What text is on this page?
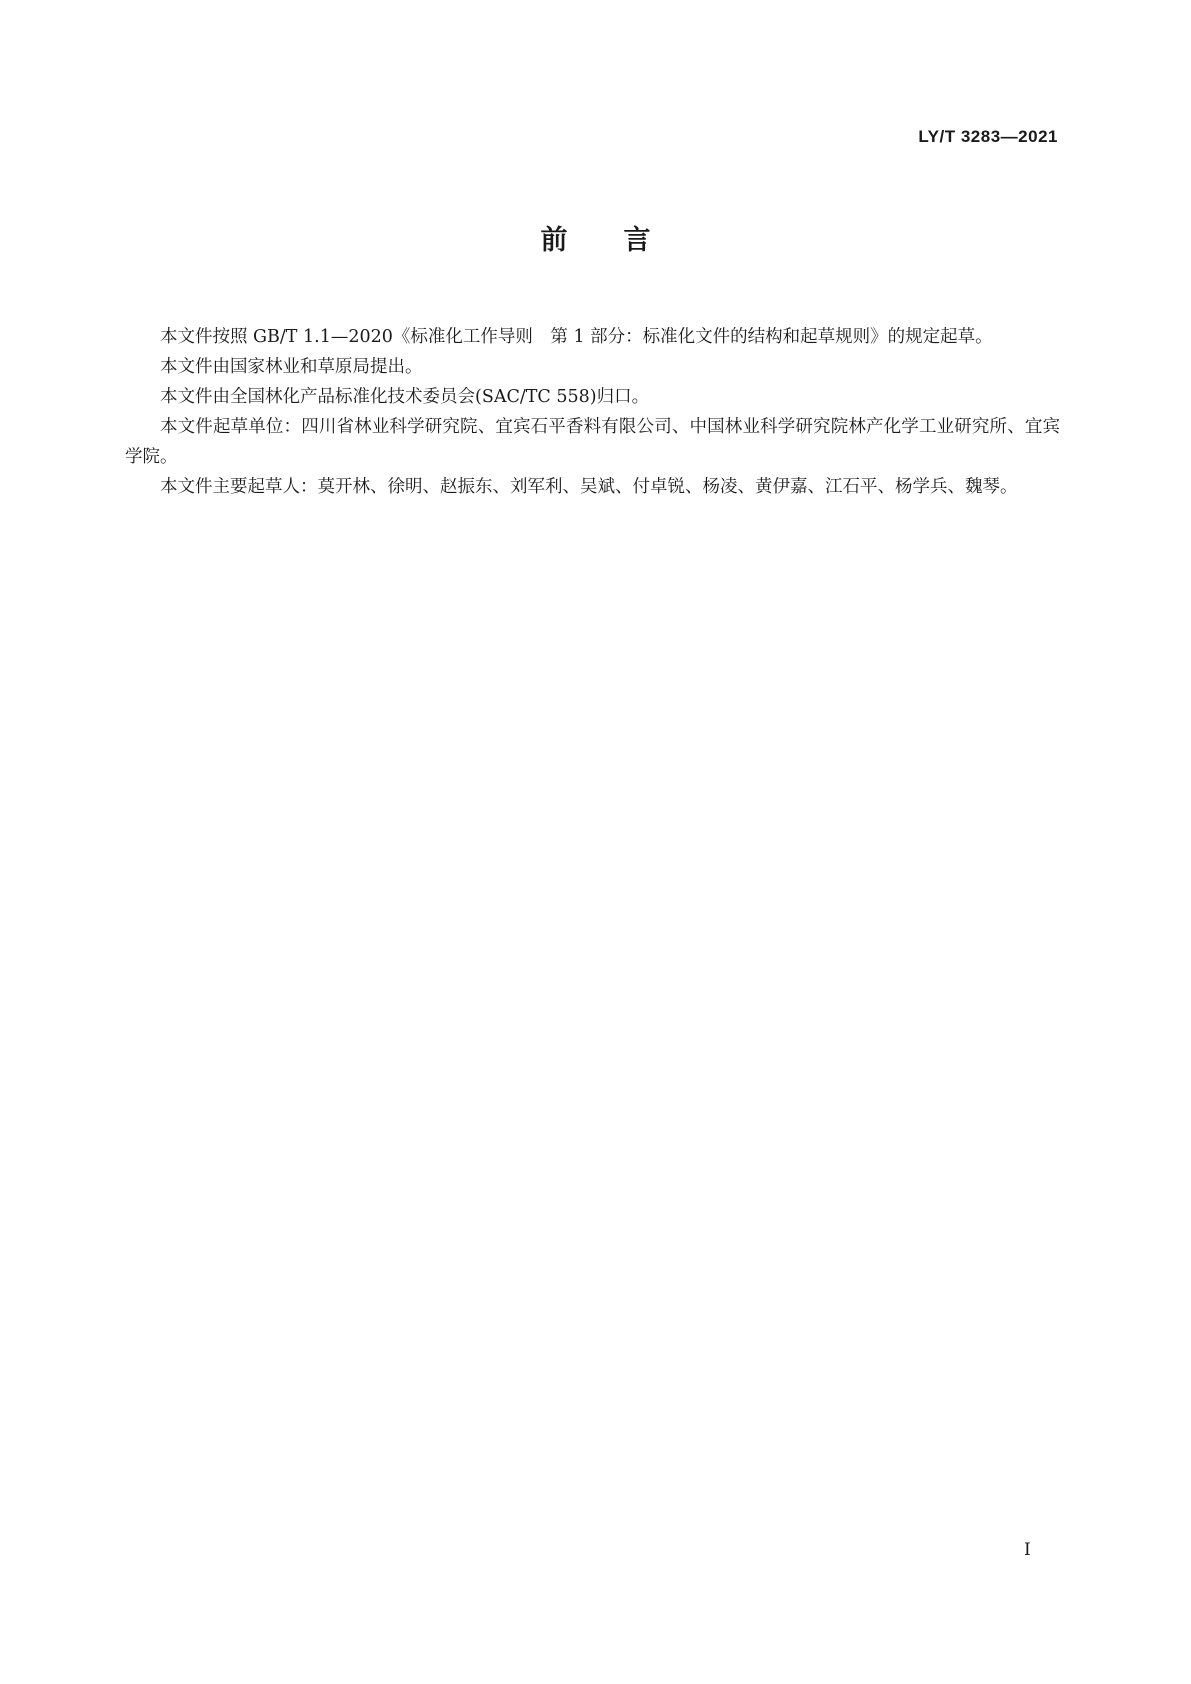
LY/T 3283—2021
前言

本文件按照 GB/T 1.1—2020《标准化工作导则　第 1 部分：标准化文件的结构和起草规则》的规定起草。

本文件由国家林业和草原局提出。

本文件由全国林化产品标准化技术委员会(SAC/TC 558)归口。

本文件起草单位：四川省林业科学研究院、宜宾石平香料有限公司、中国林业科学研究院林产化学工业研究所、宜宾学院。

本文件主要起草人：莫开林、徐明、赵振东、刘军利、吴斌、付卓锐、杨凌、黄伊嘉、江石平、杨学兵、魏琴。

I
